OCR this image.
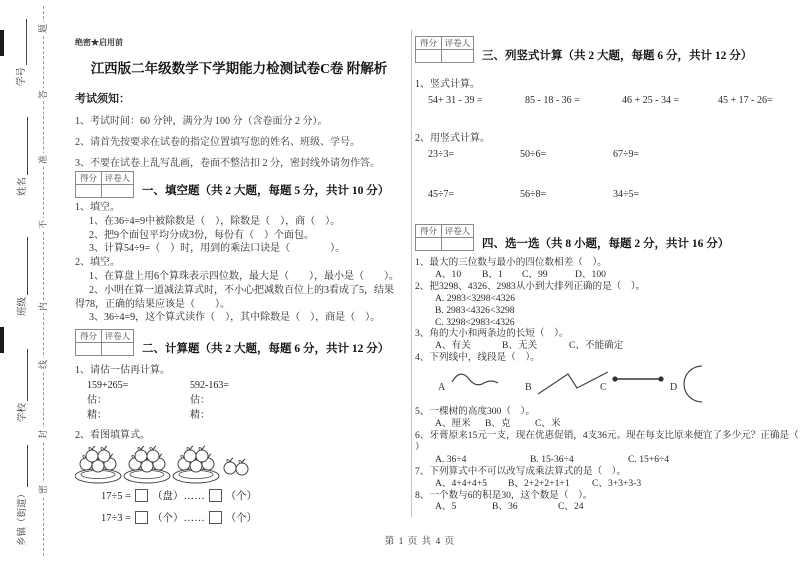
学号
姓名
班级
学校
乡镇（街道）
题
答
准
不
内
线
封
密
绝密★启用前
江西版二年级数学下学期能力检测试卷C卷 附解析
考试须知：
1、考试时间：60 分钟，满分为 100 分（含卷面分 2 分）。
2、请首先按要求在试卷的指定位置填写您的姓名、班级、学号。
3、不要在试卷上乱写乱画，卷面不整洁扣 2 分，密封线外请勿作答。
得分	评卷人

一、填空题（共 2 大题，每题 5 分，共计 10 分）
1、填空。
1、在36÷4=9中被除数是（　），除数是（　），商（　）。
2、把9个面包平均分成3份，每份有（　）个面包。
3、计算54÷9=（　）时，用到的乘法口诀是（　　　　）。
2、填空。
1、在算盘上用6个算珠表示四位数，最大是（　　），最小是（　　）。
2、小明在算一道减法算式时，不小心把减数百位上的3看成了5，结果得78，正确的结果应该是（　　）。
3、36÷4=9，这个算式读作（　），其中除数是（　），商是（　）。
得分	评卷人

二、计算题（共 2 大题，每题 6 分，共计 12 分）
1、请估一估再计算。
159+265=
估：
精：
592-163=
估：
精：
2、看图填算式。
17÷5 = （盘）…… （个）
17÷3 = （个）…… （个）
得分	评卷人

三、列竖式计算（共 2 大题，每题 6 分，共计 12 分）
1、竖式计算。
54+ 31 - 39 =	85 - 18 - 36 =	46 + 25 - 34 =	45 + 17 - 26=
2、用竖式计算。
23÷3=	50÷6=	67÷9=
45÷7=	56÷8=	34÷5=
得分	评卷人

四、选一选（共 8 小题，每题 2 分，共计 16 分）
1、最大的三位数与最小的四位数相差（　）。
A、10 B、1 C、99	D、100
2、把3298、4326、2983从小到大排列正确的是（　）。
A. 2983<3298<4326
B. 2983<4326<3298
C. 3298<2983<4326
3、角的大小和两条边的长短（　）。
A、有关	B、无关	C、不能确定
4、下列线中，线段是（　）。
A	B	C	D
5、一棵树的高度300（　）。
A、厘米 B、克	C、米
6、牙膏原来15元一支，现在优惠促销，4支36元。现在每支比原来便宜了多少元？正确是（
）
A. 36÷4	B. 15-36÷4	C. 15+6÷4
7、下列算式中不可以改写成乘法算式的是（　）。
A、4+4+4+5 B、2+2+2+1+1 C、3+3+3-3
8、一个数与6的积是30，这个数是（　）。
A、5	B、36	C、24
第 1 页 共 4 页
